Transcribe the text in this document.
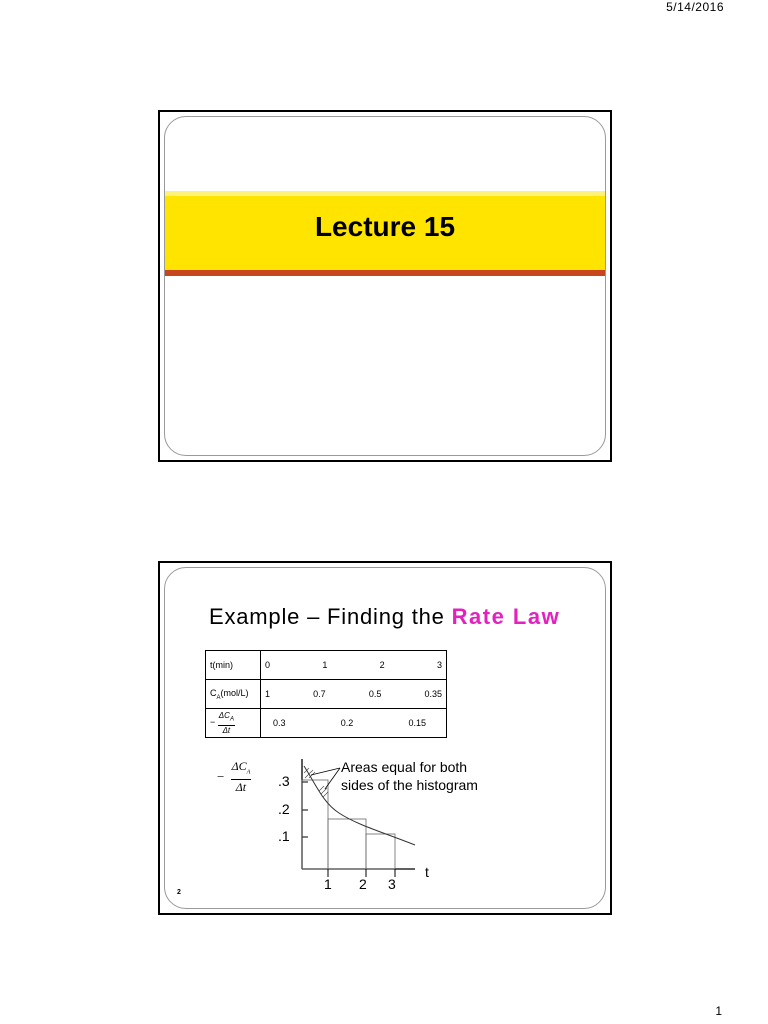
5/14/2016
Lecture 15
Example – Finding the Rate Law
t(min)	0 1 2 3

$C_A(mol/L)$	1 0.7 0.5 0.35

− $\frac{\Delta C_A}{\Delta t}$	0.3 0.2 0.15
− $\frac{\Delta C_A}{\Delta t} .3$
.2
.1
1 2 3
t
Areas equal for both
sides of the histogram
2
1
